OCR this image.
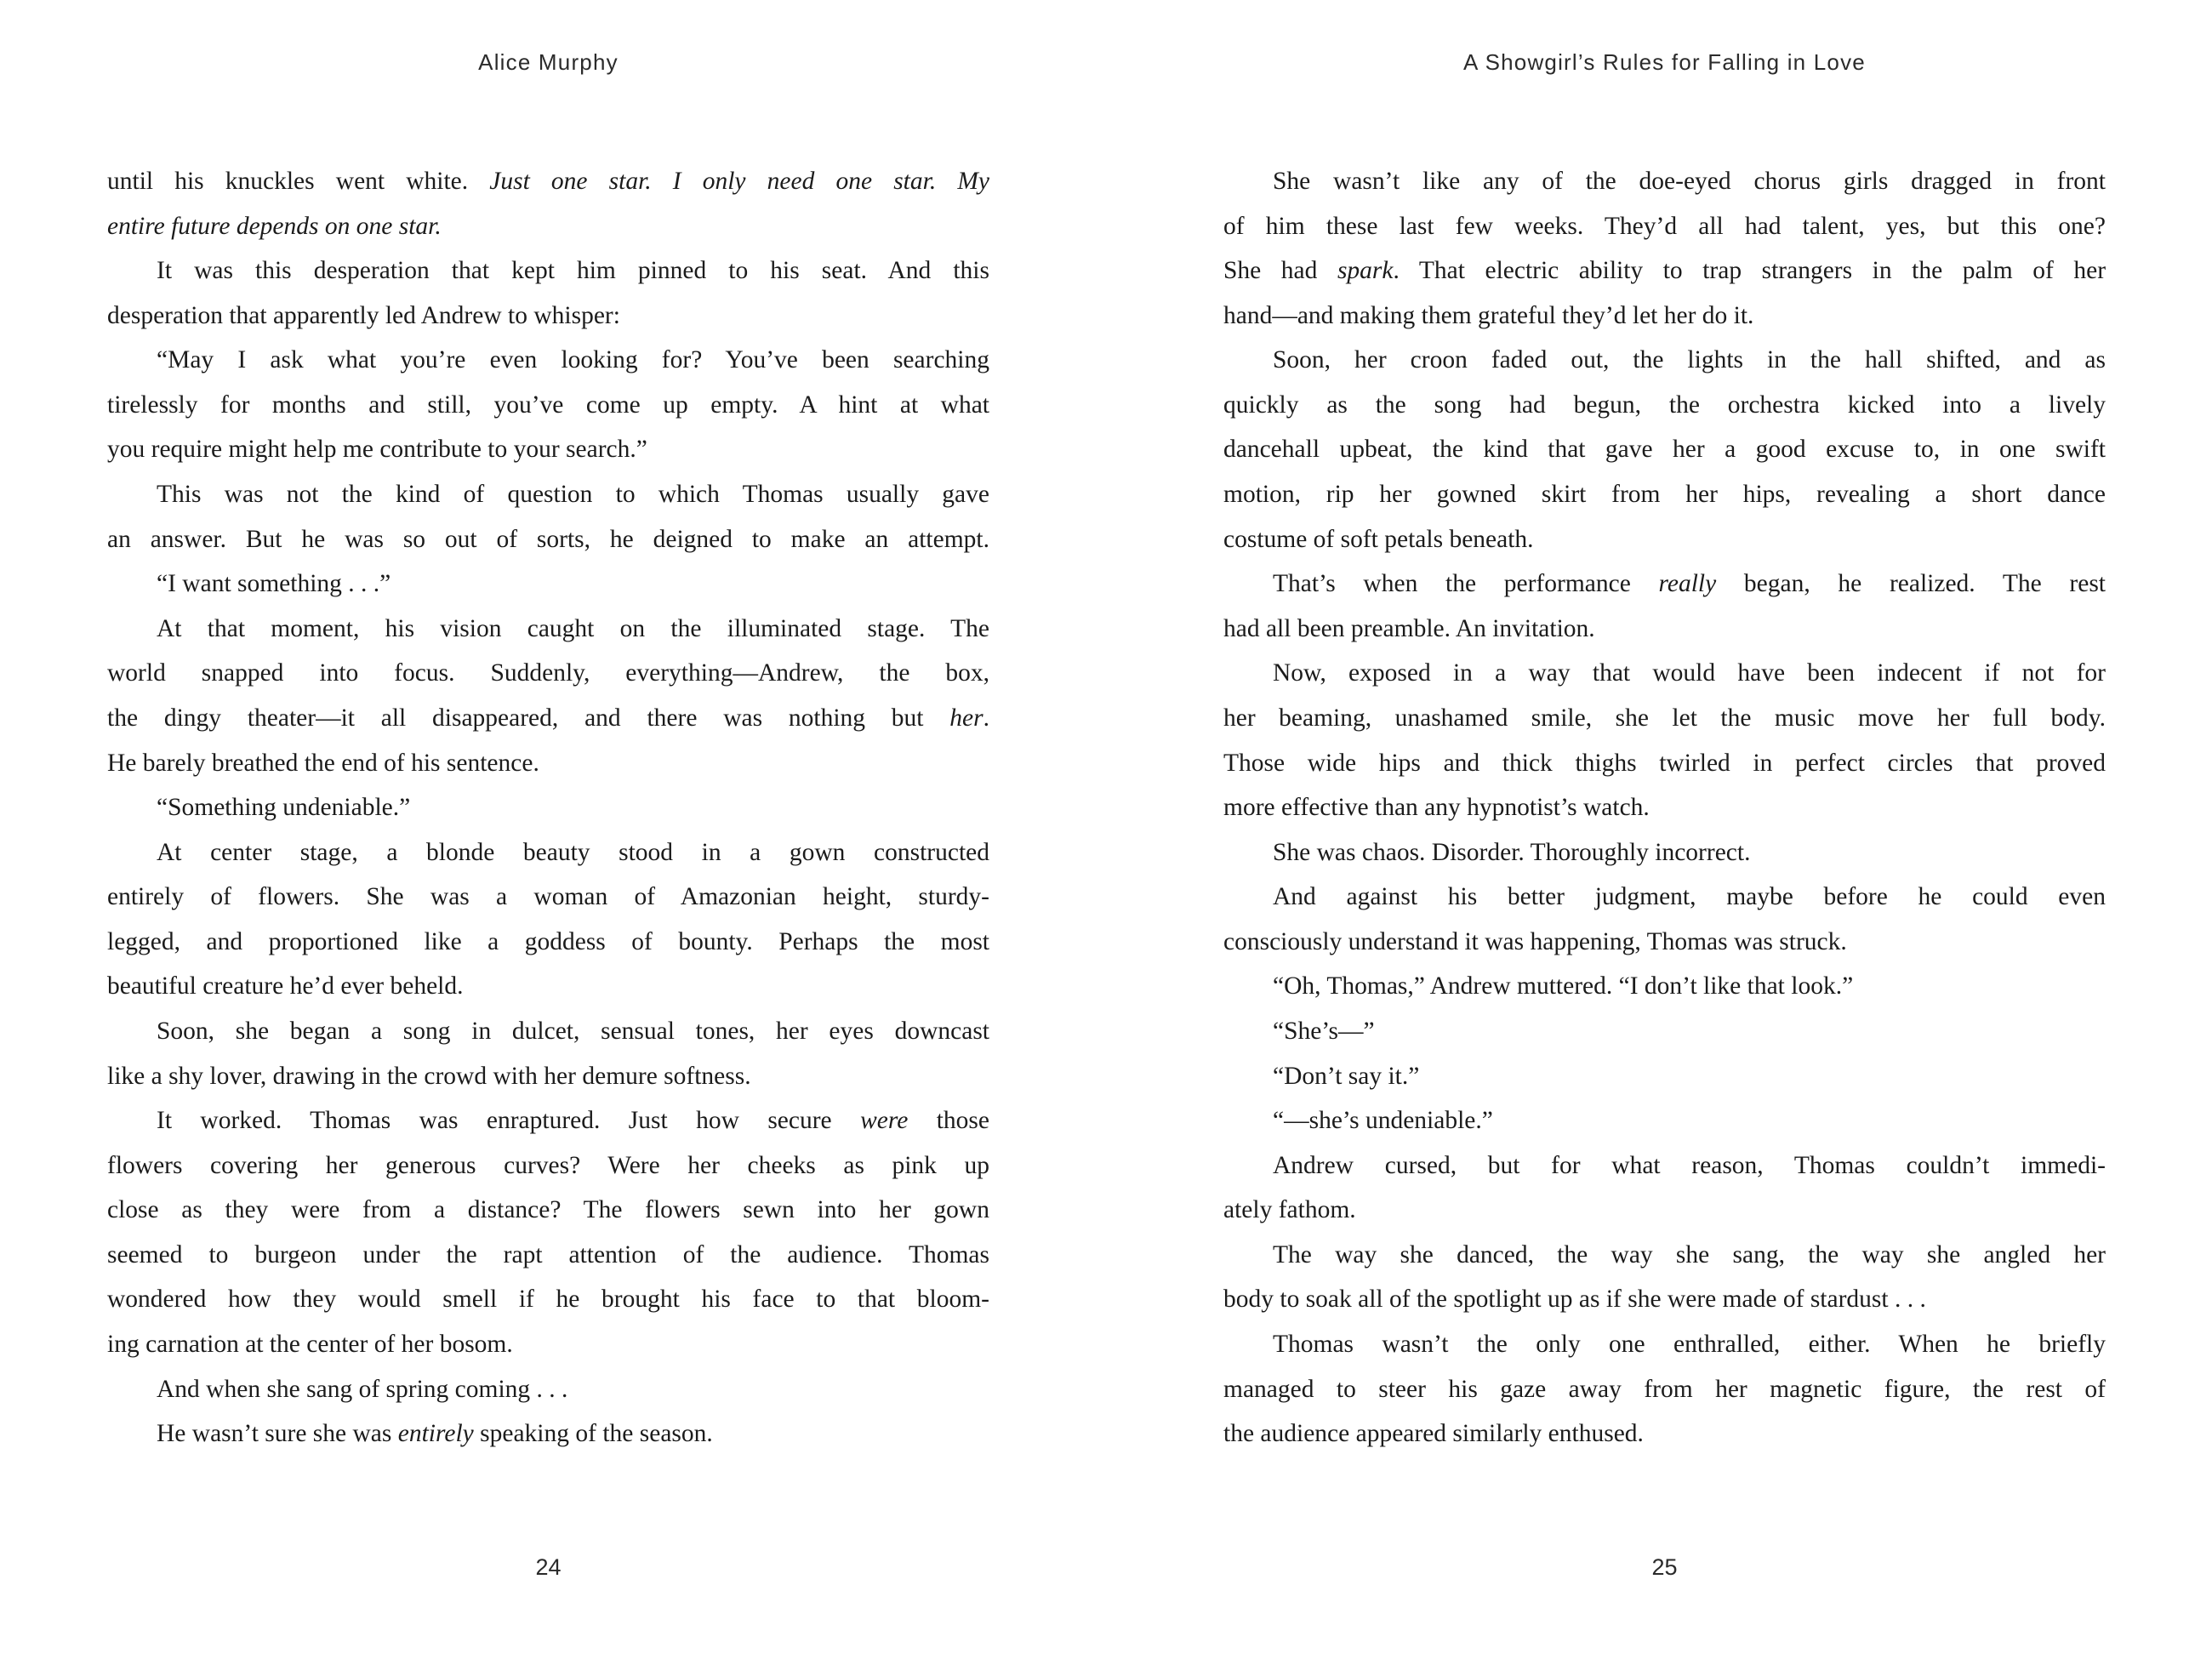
Alice Murphy
until his knuckles went white. Just one star. I only need one star. My
entire future depends on one star.
It was this desperation that kept him pinned to his seat. And this
desperation that apparently led Andrew to whisper:
“May I ask what you’re even looking for? You’ve been searching
tirelessly for months and still, you’ve come up empty. A hint at what
you require might help me contribute to your search.”
This was not the kind of question to which Thomas usually gave
an answer. But he was so out of sorts, he deigned to make an attempt.
“I want something . . .”
At that moment, his vision caught on the illuminated stage. The
world snapped into focus. Suddenly, everything—Andrew, the box,
the dingy theater—it all disappeared, and there was nothing but her.
He barely breathed the end of his sentence.
“Something undeniable.”
At center stage, a blonde beauty stood in a gown constructed
entirely of flowers. She was a woman of Amazonian height, sturdy-
legged, and proportioned like a goddess of bounty. Perhaps the most
beautiful creature he’d ever beheld.
Soon, she began a song in dulcet, sensual tones, her eyes downcast
like a shy lover, drawing in the crowd with her demure softness.
It worked. Thomas was enraptured. Just how secure were those
flowers covering her generous curves? Were her cheeks as pink up
close as they were from a distance? The flowers sewn into her gown
seemed to burgeon under the rapt attention of the audience. Thomas
wondered how they would smell if he brought his face to that bloom-
ing carnation at the center of her bosom.
And when she sang of spring coming . . .
He wasn’t sure she was entirely speaking of the season.
24
A Showgirl’s Rules for Falling in Love
She wasn’t like any of the doe-eyed chorus girls dragged in front
of him these last few weeks. They’d all had talent, yes, but this one?
She had spark. That electric ability to trap strangers in the palm of her
hand—and making them grateful they’d let her do it.
Soon, her croon faded out, the lights in the hall shifted, and as
quickly as the song had begun, the orchestra kicked into a lively
dancehall upbeat, the kind that gave her a good excuse to, in one swift
motion, rip her gowned skirt from her hips, revealing a short dance
costume of soft petals beneath.
That’s when the performance really began, he realized. The rest
had all been preamble. An invitation.
Now, exposed in a way that would have been indecent if not for
her beaming, unashamed smile, she let the music move her full body.
Those wide hips and thick thighs twirled in perfect circles that proved
more effective than any hypnotist’s watch.
She was chaos. Disorder. Thoroughly incorrect.
And against his better judgment, maybe before he could even
consciously understand it was happening, Thomas was struck.
“Oh, Thomas,” Andrew muttered. “I don’t like that look.”
“She’s—”
“Don’t say it.”
“—she’s undeniable.”
Andrew cursed, but for what reason, Thomas couldn’t immedi-
ately fathom.
The way she danced, the way she sang, the way she angled her
body to soak all of the spotlight up as if she were made of stardust . . .
Thomas wasn’t the only one enthralled, either. When he briefly
managed to steer his gaze away from her magnetic figure, the rest of
the audience appeared similarly enthused.
25
